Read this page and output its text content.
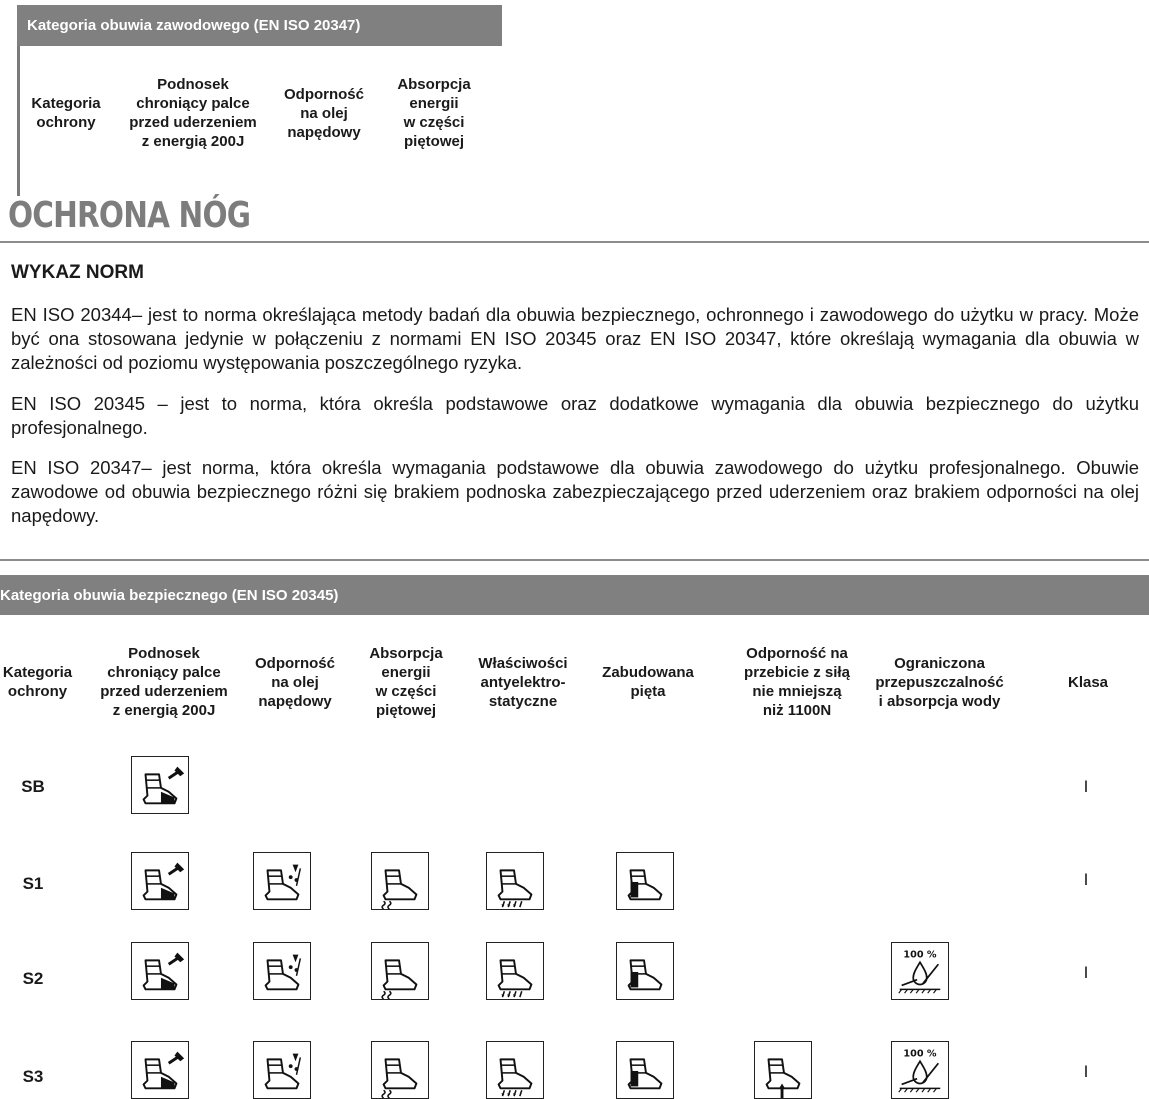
Kategoria obuwia zawodowego (EN ISO 20347)
Kategoria
ochrony
Podnosek
chroniący palce
przed uderzeniem
z energią 200J
Odporność
na olej
napędowy
Absorpcja
energii
w części
piętowej
OCHRONA NÓG
WYKAZ NORM
EN ISO 20344– jest to norma określająca metody badań dla obuwia bezpiecznego, ochronnego i zawodowego do użytku w pracy. Może być ona stosowana jedynie w połączeniu z normami EN ISO 20345 oraz EN ISO 20347, które określają wymagania dla obuwia w zależności od poziomu występowania poszczególnego ryzyka.
EN ISO 20345 – jest to norma, która określa podstawowe oraz dodatkowe wymagania dla obuwia bezpiecznego do użytku profesjonalnego.
EN ISO 20347– jest norma, która określa wymagania podstawowe dla obuwia zawodowego do użytku profesjonalnego. Obuwie zawodowe od obuwia bezpiecznego różni się brakiem podnoska zabezpieczającego przed uderzeniem oraz brakiem odporności na olej napędowy.
Kategoria obuwia bezpiecznego (EN ISO 20345)
Kategoria
ochrony
Podnosek
chroniący palce
przed uderzeniem
z energią 200J
Odporność
na olej
napędowy
Absorpcja
energii
w części
piętowej
Właściwości
antyelektro-
statyczne
Zabudowana
pięta
Odporność na
przebicie z siłą
nie mniejszą
niż 1100N
Ograniczona
przepuszczalność
i absorpcja wody
Klasa
SB
S1
S2
S3
I
I
I
I
100 %
100 %
